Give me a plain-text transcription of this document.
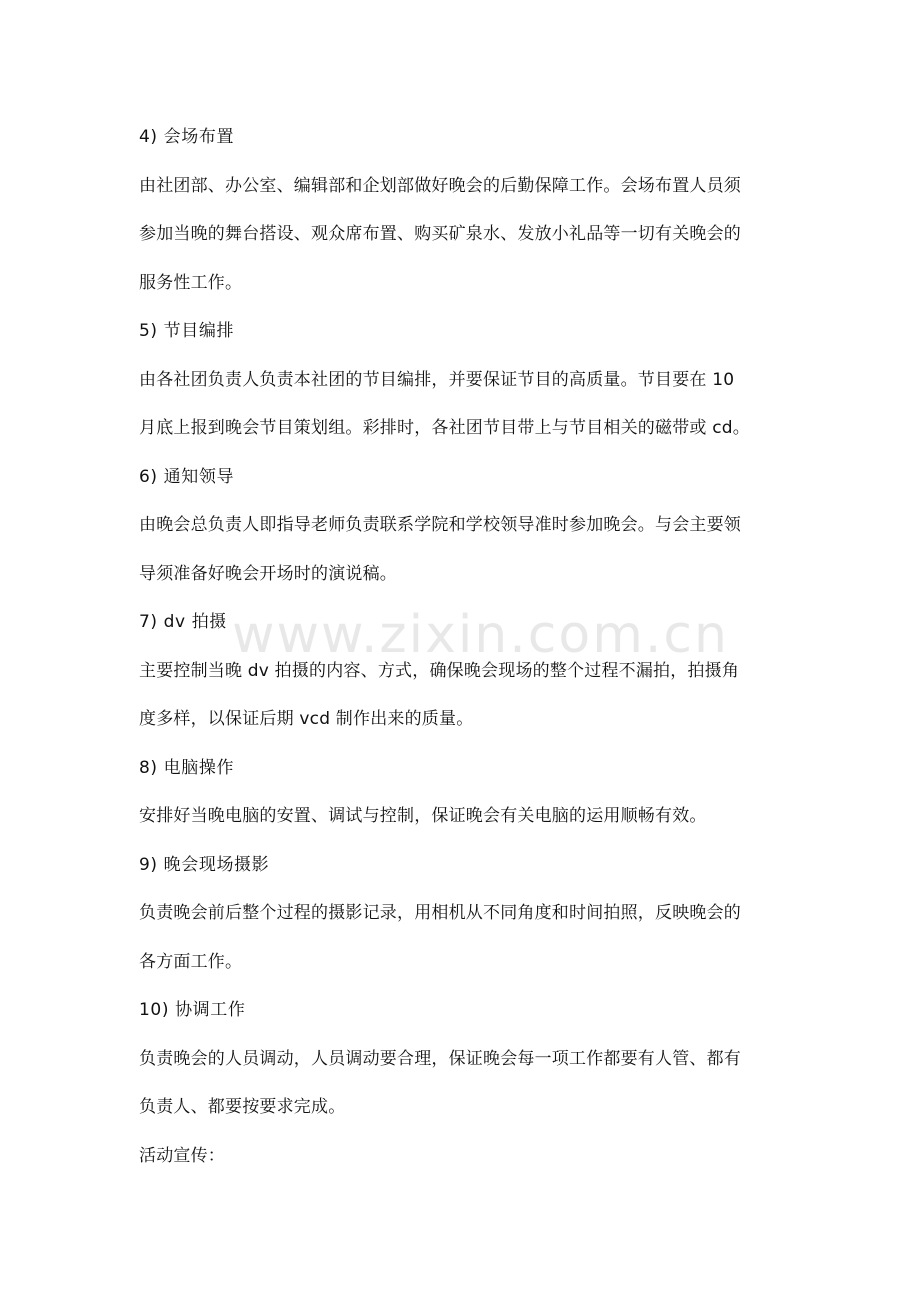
4) 会场布置
由社团部、办公室、编辑部和企划部做好晚会的后勤保障工作。会场布置人员须
参加当晚的舞台搭设、观众席布置、购买矿泉水、发放小礼品等一切有关晚会的
服务性工作。
5) 节目编排
由各社团负责人负责本社团的节目编排，并要保证节目的高质量。节目要在 10
月底上报到晚会节目策划组。彩排时，各社团节目带上与节目相关的磁带或 cd。
6) 通知领导
由晚会总负责人即指导老师负责联系学院和学校领导准时参加晚会。与会主要领
导须准备好晚会开场时的演说稿。
7) dv 拍摄
主要控制当晚 dv 拍摄的内容、方式，确保晚会现场的整个过程不漏拍，拍摄角
度多样，以保证后期 vcd 制作出来的质量。
8) 电脑操作
安排好当晚电脑的安置、调试与控制，保证晚会有关电脑的运用顺畅有效。
9) 晚会现场摄影
负责晚会前后整个过程的摄影记录，用相机从不同角度和时间拍照，反映晚会的
各方面工作。
10) 协调工作
负责晚会的人员调动，人员调动要合理，保证晚会每一项工作都要有人管、都有
负责人、都要按要求完成。
活动宣传：
www.zixin.com.cn
